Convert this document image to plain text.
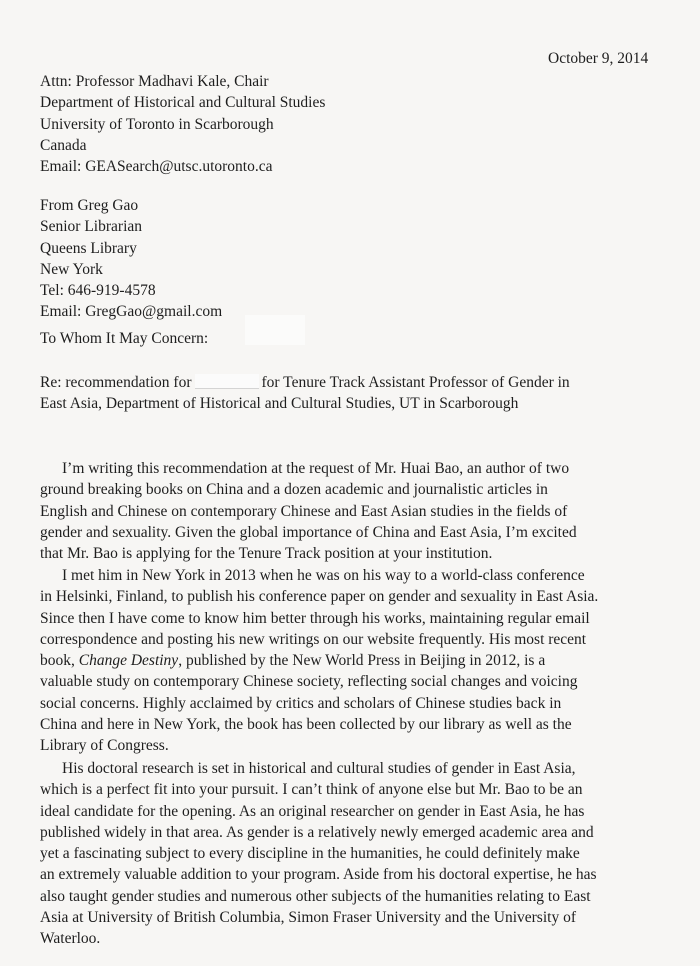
October 9, 2014
Attn: Professor Madhavi Kale, Chair
Department of Historical and Cultural Studies
University of Toronto in Scarborough
Canada
Email: GEASearch@utsc.utoronto.ca
From Greg Gao
Senior Librarian
Queens Library
New York
Tel: 646-919-4578
Email: GregGao@gmail.com
To Whom It May Concern:
Re: recommendation for	for Tenure Track Assistant Professor of Gender in
East Asia, Department of Historical and Cultural Studies, UT in Scarborough
I’m writing this recommendation at the request of Mr. Huai Bao, an author of two
ground breaking books on China and a dozen academic and journalistic articles in
English and Chinese on contemporary Chinese and East Asian studies in the fields of
gender and sexuality. Given the global importance of China and East Asia, I’m excited
that Mr. Bao is applying for the Tenure Track position at your institution.
I met him in New York in 2013 when he was on his way to a world-class conference
in Helsinki, Finland, to publish his conference paper on gender and sexuality in East Asia.
Since then I have come to know him better through his works, maintaining regular email
correspondence and posting his new writings on our website frequently. His most recent
book, Change Destiny, published by the New World Press in Beijing in 2012, is a
valuable study on contemporary Chinese society, reflecting social changes and voicing
social concerns. Highly acclaimed by critics and scholars of Chinese studies back in
China and here in New York, the book has been collected by our library as well as the
Library of Congress.
His doctoral research is set in historical and cultural studies of gender in East Asia,
which is a perfect fit into your pursuit. I can’t think of anyone else but Mr. Bao to be an
ideal candidate for the opening. As an original researcher on gender in East Asia, he has
published widely in that area. As gender is a relatively newly emerged academic area and
yet a fascinating subject to every discipline in the humanities, he could definitely make
an extremely valuable addition to your program. Aside from his doctoral expertise, he has
also taught gender studies and numerous other subjects of the humanities relating to East
Asia at University of British Columbia, Simon Fraser University and the University of
Waterloo.
